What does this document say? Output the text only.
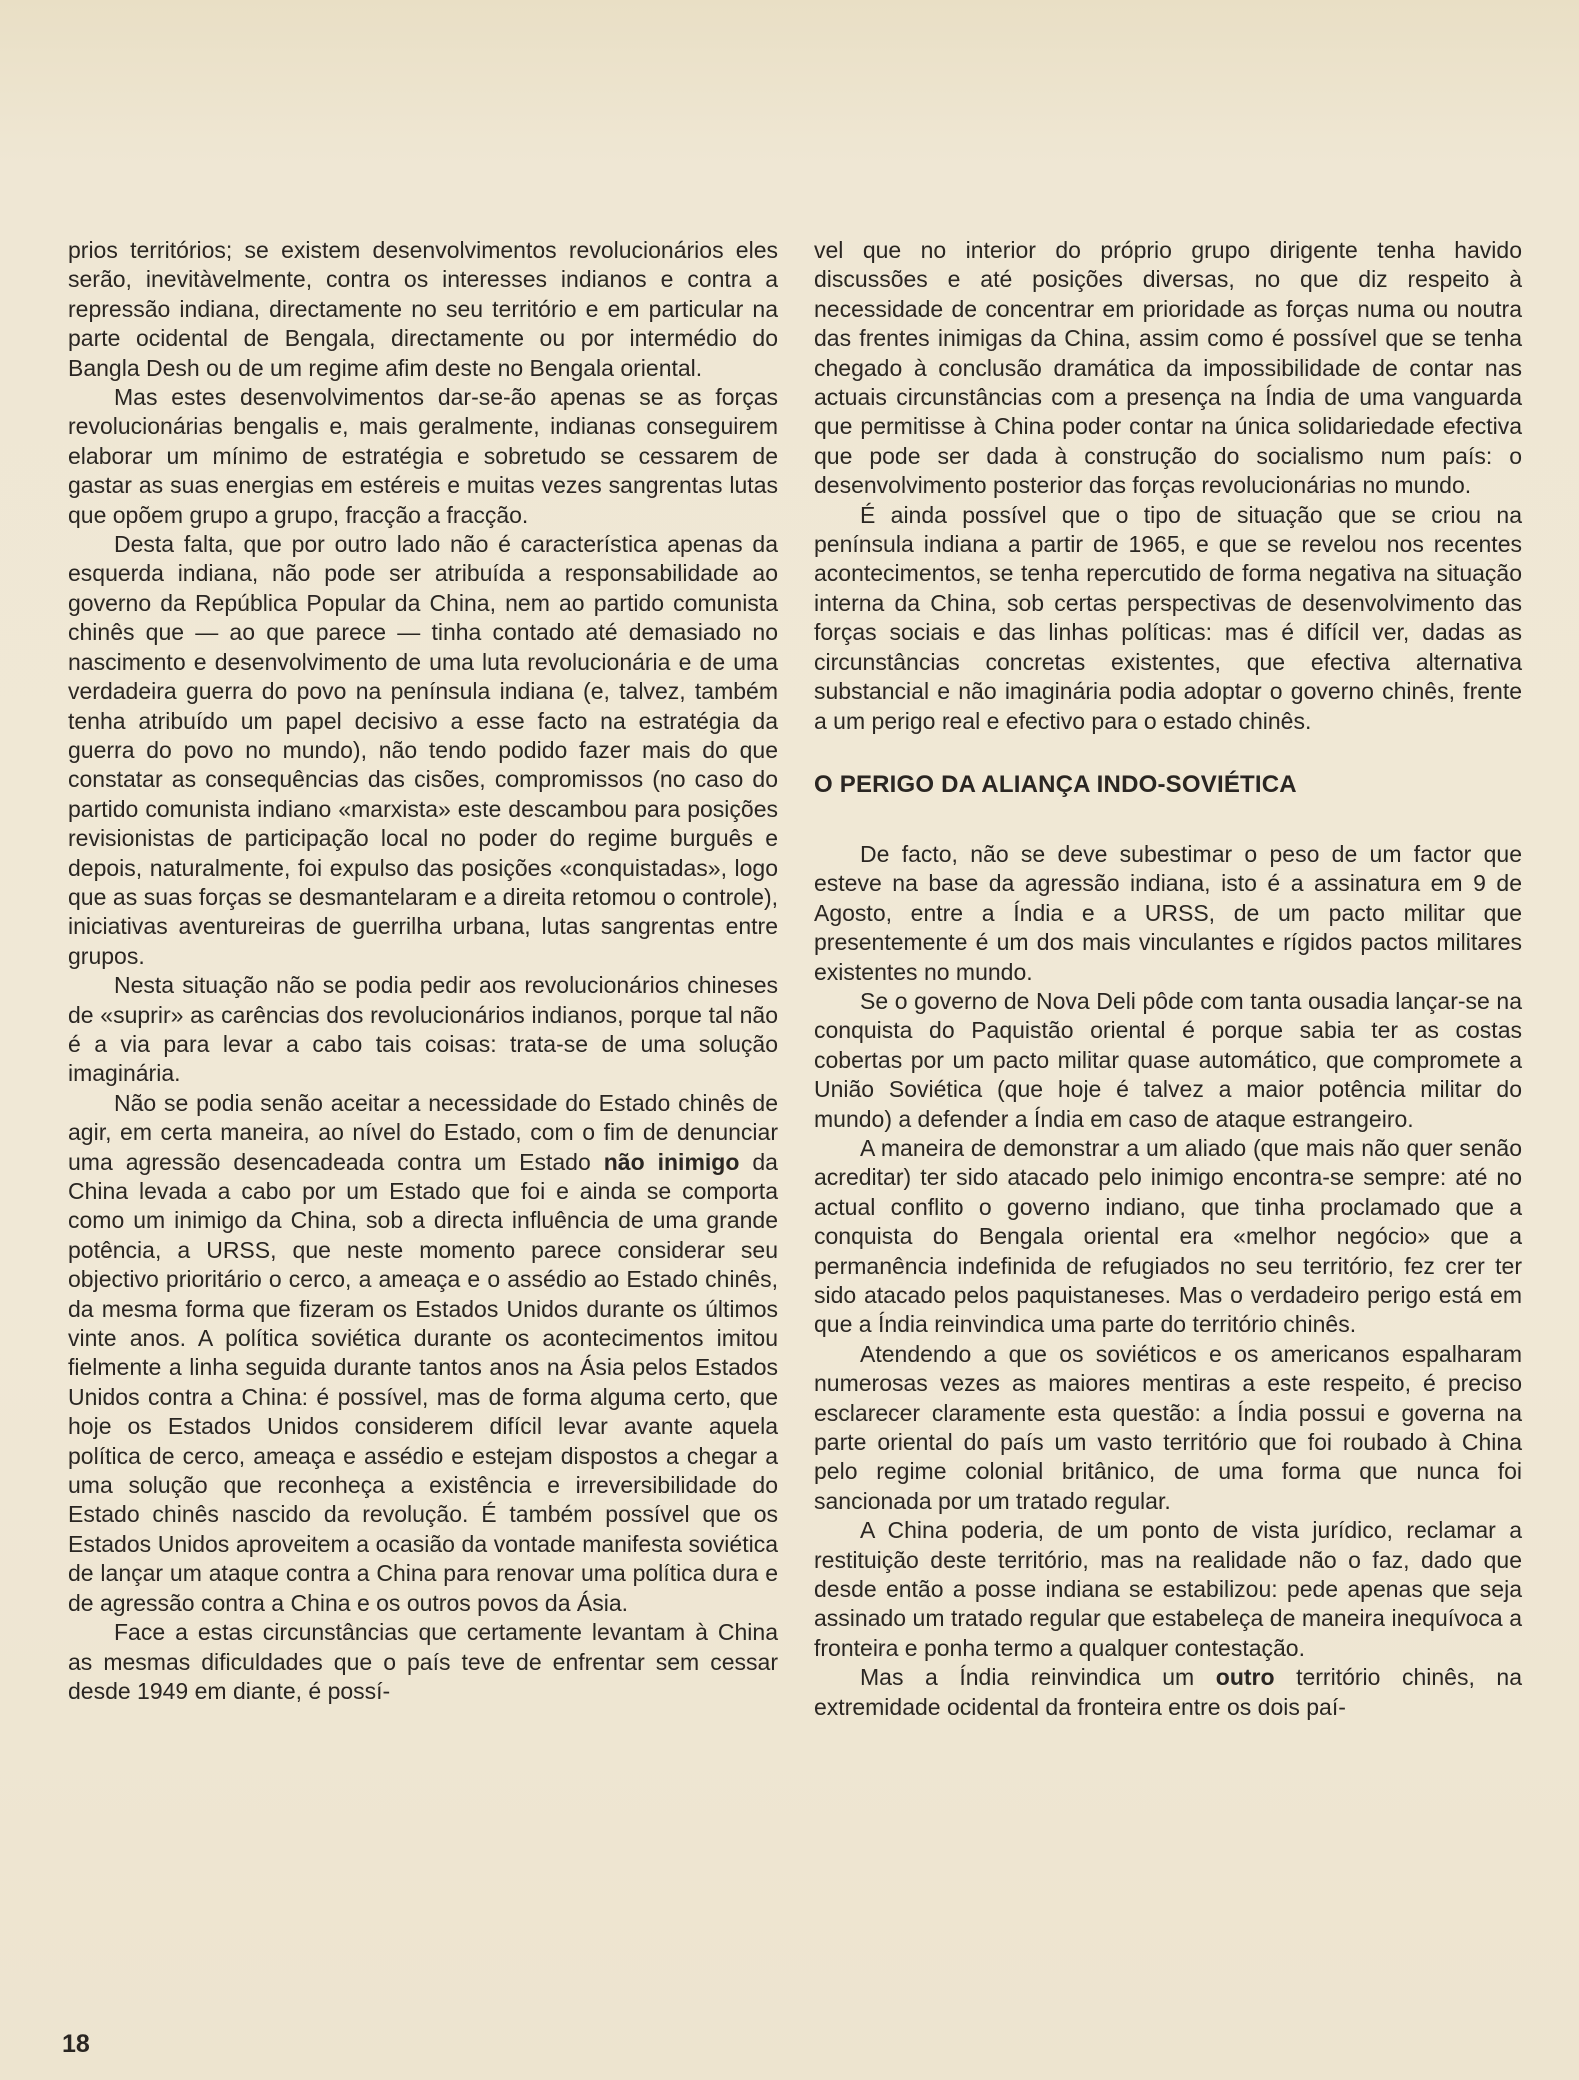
prios territórios; se existem desenvolvimentos revolucionários eles serão, inevitàvelmente, contra os interesses indianos e contra a repressão indiana, directamente no seu território e em particular na parte ocidental de Bengala, directamente ou por intermédio do Bangla Desh ou de um regime afim deste no Bengala oriental.

Mas estes desenvolvimentos dar-se-ão apenas se as forças revolucionárias bengalis e, mais geralmente, indianas conseguirem elaborar um mínimo de estratégia e sobretudo se cessarem de gastar as suas energias em estéreis e muitas vezes sangrentas lutas que opõem grupo a grupo, fracção a fracção.

Desta falta, que por outro lado não é característica apenas da esquerda indiana, não pode ser atribuída a responsabilidade ao governo da República Popular da China, nem ao partido comunista chinês que — ao que parece — tinha contado até demasiado no nascimento e desenvolvimento de uma luta revolucionária e de uma verdadeira guerra do povo na península indiana (e, talvez, também tenha atribuído um papel decisivo a esse facto na estratégia da guerra do povo no mundo), não tendo podido fazer mais do que constatar as consequências das cisões, compromissos (no caso do partido comunista indiano «marxista» este descambou para posições revisionistas de participação local no poder do regime burguês e depois, naturalmente, foi expulso das posições «conquistadas», logo que as suas forças se desmantelaram e a direita retomou o controle), iniciativas aventureiras de guerrilha urbana, lutas sangrentas entre grupos.

Nesta situação não se podia pedir aos revolucionários chineses de «suprir» as carências dos revolucionários indianos, porque tal não é a via para levar a cabo tais coisas: trata-se de uma solução imaginária.

Não se podia senão aceitar a necessidade do Estado chinês de agir, em certa maneira, ao nível do Estado, com o fim de denunciar uma agressão desencadeada contra um Estado não inimigo da China levada a cabo por um Estado que foi e ainda se comporta como um inimigo da China, sob a directa influência de uma grande potência, a URSS, que neste momento parece considerar seu objectivo prioritário o cerco, a ameaça e o assédio ao Estado chinês, da mesma forma que fizeram os Estados Unidos durante os últimos vinte anos. A política soviética durante os acontecimentos imitou fielmente a linha seguida durante tantos anos na Ásia pelos Estados Unidos contra a China: é possível, mas de forma alguma certo, que hoje os Estados Unidos considerem difícil levar avante aquela política de cerco, ameaça e assédio e estejam dispostos a chegar a uma solução que reconheça a existência e irreversibilidade do Estado chinês nascido da revolução. É também possível que os Estados Unidos aproveitem a ocasião da vontade manifesta soviética de lançar um ataque contra a China para renovar uma política dura e de agressão contra a China e os outros povos da Ásia.

Face a estas circunstâncias que certamente levantam à China as mesmas dificuldades que o país teve de enfrentar sem cessar desde 1949 em diante, é possí-

vel que no interior do próprio grupo dirigente tenha havido discussões e até posições diversas, no que diz respeito à necessidade de concentrar em prioridade as forças numa ou noutra das frentes inimigas da China, assim como é possível que se tenha chegado à conclusão dramática da impossibilidade de contar nas actuais circunstâncias com a presença na Índia de uma vanguarda que permitisse à China poder contar na única solidariedade efectiva que pode ser dada à construção do socialismo num país: o desenvolvimento posterior das forças revolucionárias no mundo.

É ainda possível que o tipo de situação que se criou na península indiana a partir de 1965, e que se revelou nos recentes acontecimentos, se tenha repercutido de forma negativa na situação interna da China, sob certas perspectivas de desenvolvimento das forças sociais e das linhas políticas: mas é difícil ver, dadas as circunstâncias concretas existentes, que efectiva alternativa substancial e não imaginária podia adoptar o governo chinês, frente a um perigo real e efectivo para o estado chinês.

O PERIGO DA ALIANÇA INDO-SOVIÉTICA

De facto, não se deve subestimar o peso de um factor que esteve na base da agressão indiana, isto é a assinatura em 9 de Agosto, entre a Índia e a URSS, de um pacto militar que presentemente é um dos mais vinculantes e rígidos pactos militares existentes no mundo.

Se o governo de Nova Deli pôde com tanta ousadia lançar-se na conquista do Paquistão oriental é porque sabia ter as costas cobertas por um pacto militar quase automático, que compromete a União Soviética (que hoje é talvez a maior potência militar do mundo) a defender a Índia em caso de ataque estrangeiro.

A maneira de demonstrar a um aliado (que mais não quer senão acreditar) ter sido atacado pelo inimigo encontra-se sempre: até no actual conflito o governo indiano, que tinha proclamado que a conquista do Bengala oriental era «melhor negócio» que a permanência indefinida de refugiados no seu território, fez crer ter sido atacado pelos paquistaneses. Mas o verdadeiro perigo está em que a Índia reinvindica uma parte do território chinês.

Atendendo a que os soviéticos e os americanos espalharam numerosas vezes as maiores mentiras a este respeito, é preciso esclarecer claramente esta questão: a Índia possui e governa na parte oriental do país um vasto território que foi roubado à China pelo regime colonial britânico, de uma forma que nunca foi sancionada por um tratado regular.

A China poderia, de um ponto de vista jurídico, reclamar a restituição deste território, mas na realidade não o faz, dado que desde então a posse indiana se estabilizou: pede apenas que seja assinado um tratado regular que estabeleça de maneira inequívoca a fronteira e ponha termo a qualquer contestação.

Mas a Índia reinvindica um outro território chinês, na extremidade ocidental da fronteira entre os dois paí-

18
